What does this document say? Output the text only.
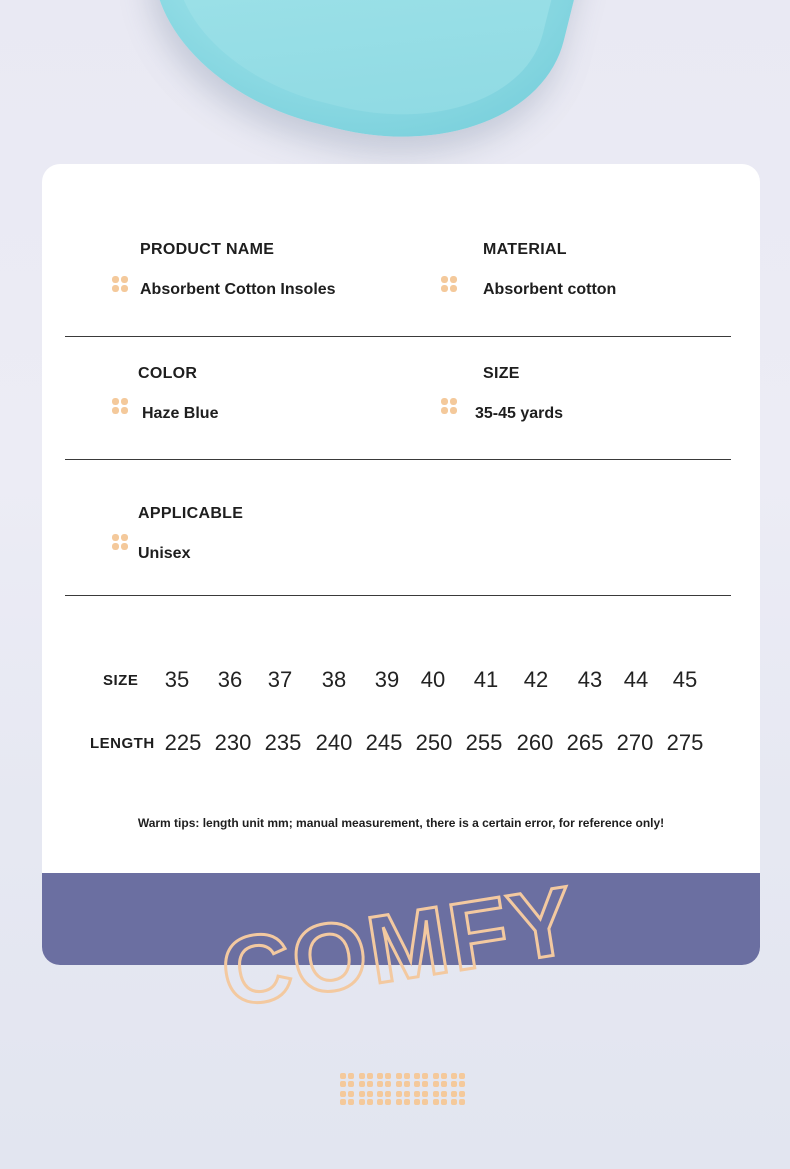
PRODUCT NAME
Absorbent Cotton Insoles
MATERIAL
Absorbent cotton
COLOR
Haze Blue
SIZE
35-45 yards
APPLICABLE
Unisex
SIZE
LENGTH
35	36	37	38	39 40	41	42	43 44	45
225 230 235 240 245 250 255 260 265 270 275
Warm tips: length unit mm; manual measurement, there is a certain error, for reference only!
COMFY
